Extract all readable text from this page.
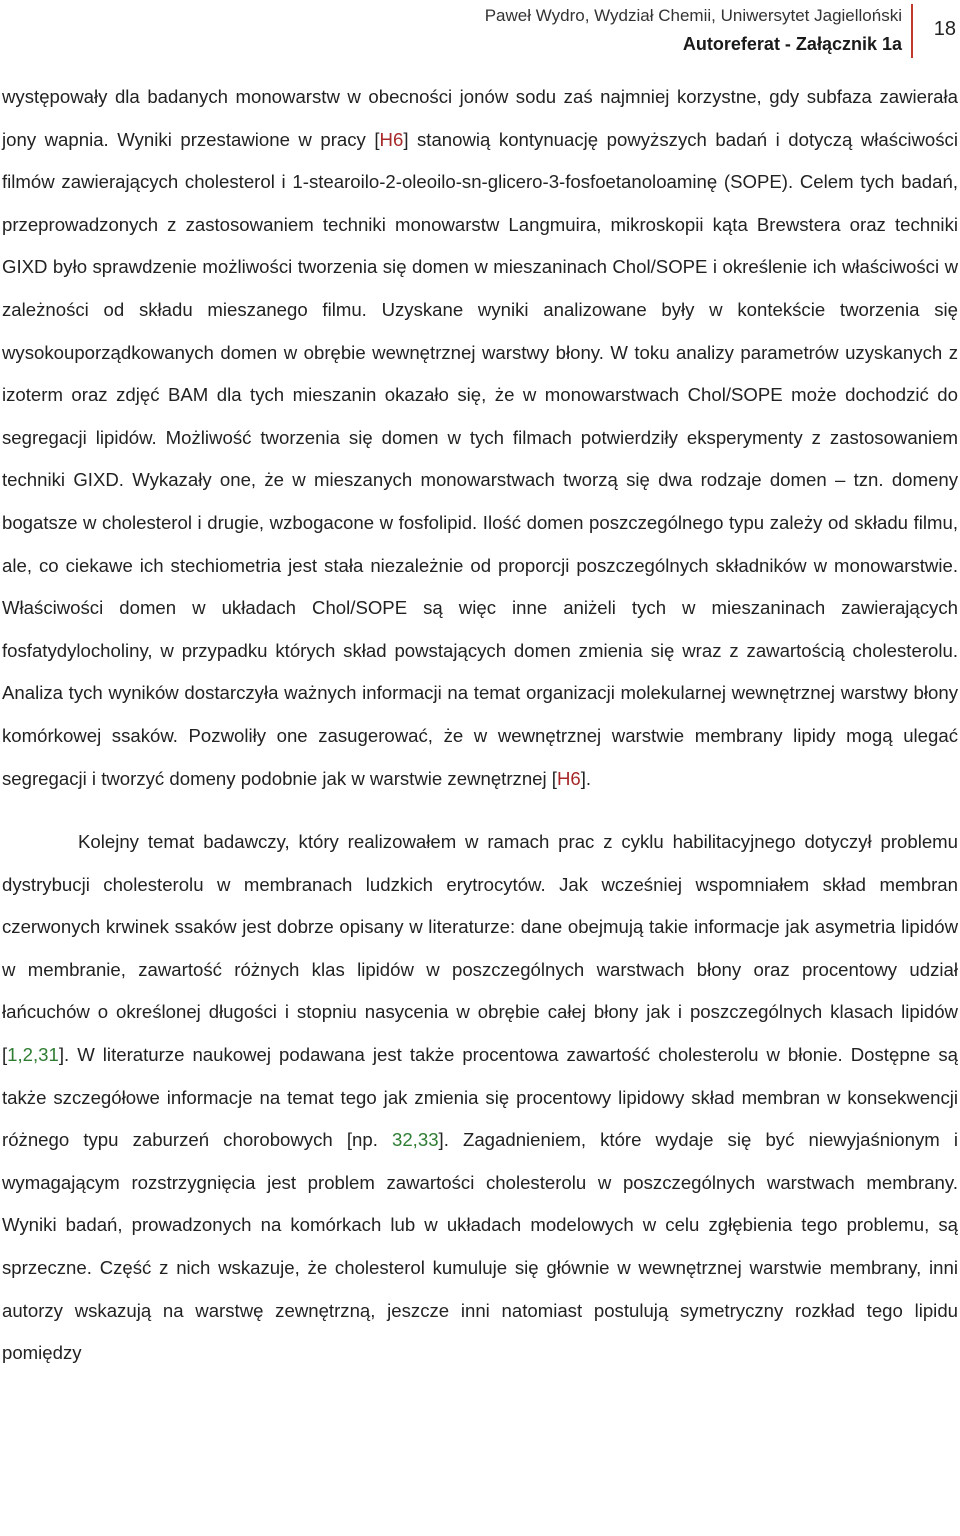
Paweł Wydro, Wydział Chemii, Uniwersytet Jagielloński
Autoreferat - Załącznik 1a
18

występowały dla badanych monowarstw w obecności jonów sodu zaś najmniej korzystne, gdy subfaza zawierała jony wapnia. Wyniki przestawione w pracy [H6] stanowią kontynuację powyższych badań i dotyczą właściwości filmów zawierających cholesterol i 1-stearoilo-2-oleoilo-sn-glicero-3-fosfoetanoloaminę (SOPE). Celem tych badań, przeprowadzonych z zastosowaniem techniki monowarstw Langmuira, mikroskopii kąta Brewstera oraz techniki GIXD było sprawdzenie możliwości tworzenia się domen w mieszaninach Chol/SOPE i określenie ich właściwości w zależności od składu mieszanego filmu. Uzyskane wyniki analizowane były w kontekście tworzenia się wysokouporządkowanych domen w obrębie wewnętrznej warstwy błony. W toku analizy parametrów uzyskanych z izoterm oraz zdjęć BAM dla tych mieszanin okazało się, że w monowarstwach Chol/SOPE może dochodzić do segregacji lipidów. Możliwość tworzenia się domen w tych filmach potwierdziły eksperymenty z zastosowaniem techniki GIXD. Wykazały one, że w mieszanych monowarstwach tworzą się dwa rodzaje domen – tzn. domeny bogatsze w cholesterol i drugie, wzbogacone w fosfolipid. Ilość domen poszczególnego typu zależy od składu filmu, ale, co ciekawe ich stechiometria jest stała niezależnie od proporcji poszczególnych składników w monowarstwie. Właściwości domen w układach Chol/SOPE są więc inne aniżeli tych w mieszaninach zawierających fosfatydylocholiny, w przypadku których skład powstających domen zmienia się wraz z zawartością cholesterolu. Analiza tych wyników dostarczyła ważnych informacji na temat organizacji molekularnej wewnętrznej warstwy błony komórkowej ssaków. Pozwoliły one zasugerować, że w wewnętrznej warstwie membrany lipidy mogą ulegać segregacji i tworzyć domeny podobnie jak w warstwie zewnętrznej [H6].

Kolejny temat badawczy, który realizowałem w ramach prac z cyklu habilitacyjnego dotyczył problemu dystrybucji cholesterolu w membranach ludzkich erytrocytów. Jak wcześniej wspomniałem skład membran czerwonych krwinek ssaków jest dobrze opisany w literaturze: dane obejmują takie informacje jak asymetria lipidów w membranie, zawartość różnych klas lipidów w poszczególnych warstwach błony oraz procentowy udział łańcuchów o określonej długości i stopniu nasycenia w obrębie całej błony jak i poszczególnych klasach lipidów [1,2,31]. W literaturze naukowej podawana jest także procentowa zawartość cholesterolu w błonie. Dostępne są także szczegółowe informacje na temat tego jak zmienia się procentowy lipidowy skład membran w konsekwencji różnego typu zaburzeń chorobowych [np. 32,33]. Zagadnieniem, które wydaje się być niewyjaśnionym i wymagającym rozstrzygnięcia jest problem zawartości cholesterolu w poszczególnych warstwach membrany. Wyniki badań, prowadzonych na komórkach lub w układach modelowych w celu zgłębienia tego problemu, są sprzeczne. Część z nich wskazuje, że cholesterol kumuluje się głównie w wewnętrznej warstwie membrany, inni autorzy wskazują na warstwę zewnętrzną, jeszcze inni natomiast postulują symetryczny rozkład tego lipidu pomiędzy
